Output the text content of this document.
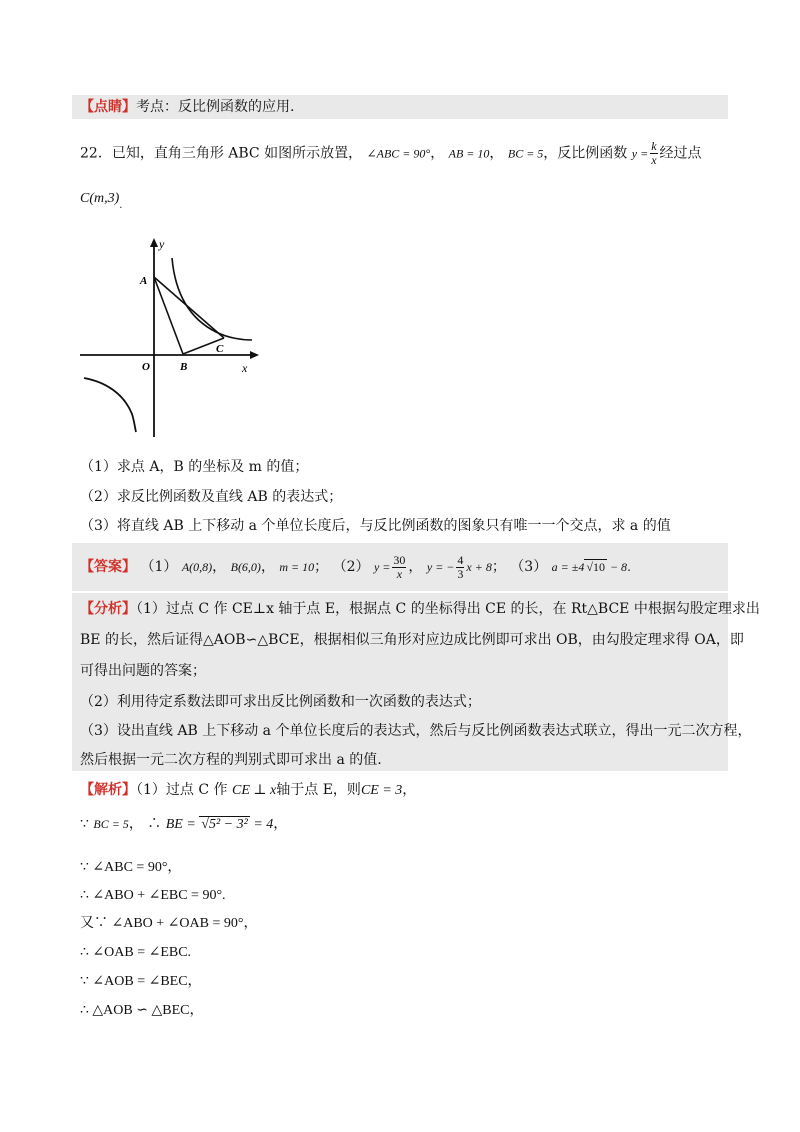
【点睛】考点：反比例函数的应用.
22．已知，直角三角形 ABC 如图所示放置， ∠ABC = 90°， AB = 10， BC = 5，反比例函数 $y = \frac{k}{x}$ 经过点
$C(m,3)_.$
y
A
O	B
C
x
（1）求点 A，B 的坐标及 m 的值；
（2）求反比例函数及直线 AB 的表达式；
（3）将直线 AB 上下移动 a 个单位长度后，与反比例函数的图象只有唯一一个交点，求 a 的值
【答案】 （1） A(0,8)， B(6,0)， m = 10； （2） $y = \frac{30}{x}$ ， y = − $\frac{4}{3}$ x + 8； （3） a = ±4 √10 − 8.
【分析】（1）过点 C 作 CE⊥x 轴于点 E，根据点 C 的坐标得出 CE 的长，在 Rt△BCE 中根据勾股定理求出
BE 的长，然后证得△AOB∽△BCE，根据相似三角形对应边成比例即可求出 OB，由勾股定理求得 OA，即
可得出问题的答案；
（2）利用待定系数法即可求出反比例函数和一次函数的表达式；
（3）设出直线 AB 上下移动 a 个单位长度后的表达式，然后与反比例函数表达式联立，得出一元二次方程，
然后根据一元二次方程的判别式即可求出 a 的值.
【解析】（1）过点 C 作 CE ⊥ x轴于点 E，则CE = 3，
∵ BC = 5， ∴ BE = √5² − 3² = 4，
∵ ∠ABC = 90°，
∴ ∠ABO + ∠EBC = 90°.
又∵ ∠ABO + ∠OAB = 90°，
∴ ∠OAB = ∠EBC.
∵ ∠AOB = ∠BEC，
∴ △AOB ∽ △BEC，
